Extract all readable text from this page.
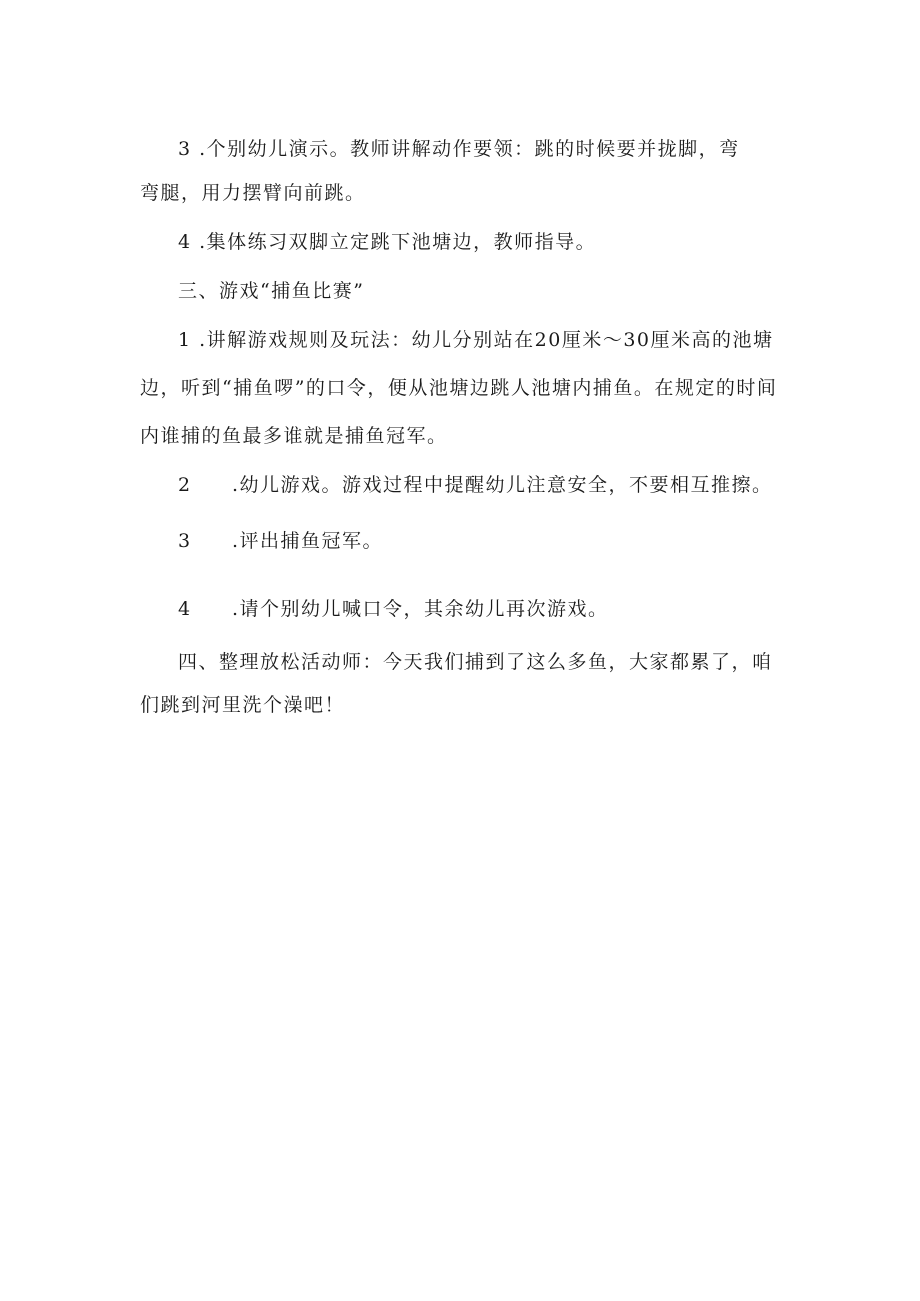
3 .个别幼儿演示。教师讲解动作要领：跳的时候要并拢脚，弯
弯腿，用力摆臂向前跳。
4 .集体练习双脚立定跳下池塘边，教师指导。
三、游戏“捕鱼比赛”
1 .讲解游戏规则及玩法：幼儿分别站在20厘米～30厘米高的池塘
边，听到“捕鱼啰”的口令，便从池塘边跳人池塘内捕鱼。在规定的时间
内谁捕的鱼最多谁就是捕鱼冠军。
2 .幼儿游戏。游戏过程中提醒幼儿注意安全，不要相互推擦。
3 .评出捕鱼冠军。
4 .请个别幼儿喊口令，其余幼儿再次游戏。
四、整理放松活动师：今天我们捕到了这么多鱼，大家都累了，咱
们跳到河里洗个澡吧！
